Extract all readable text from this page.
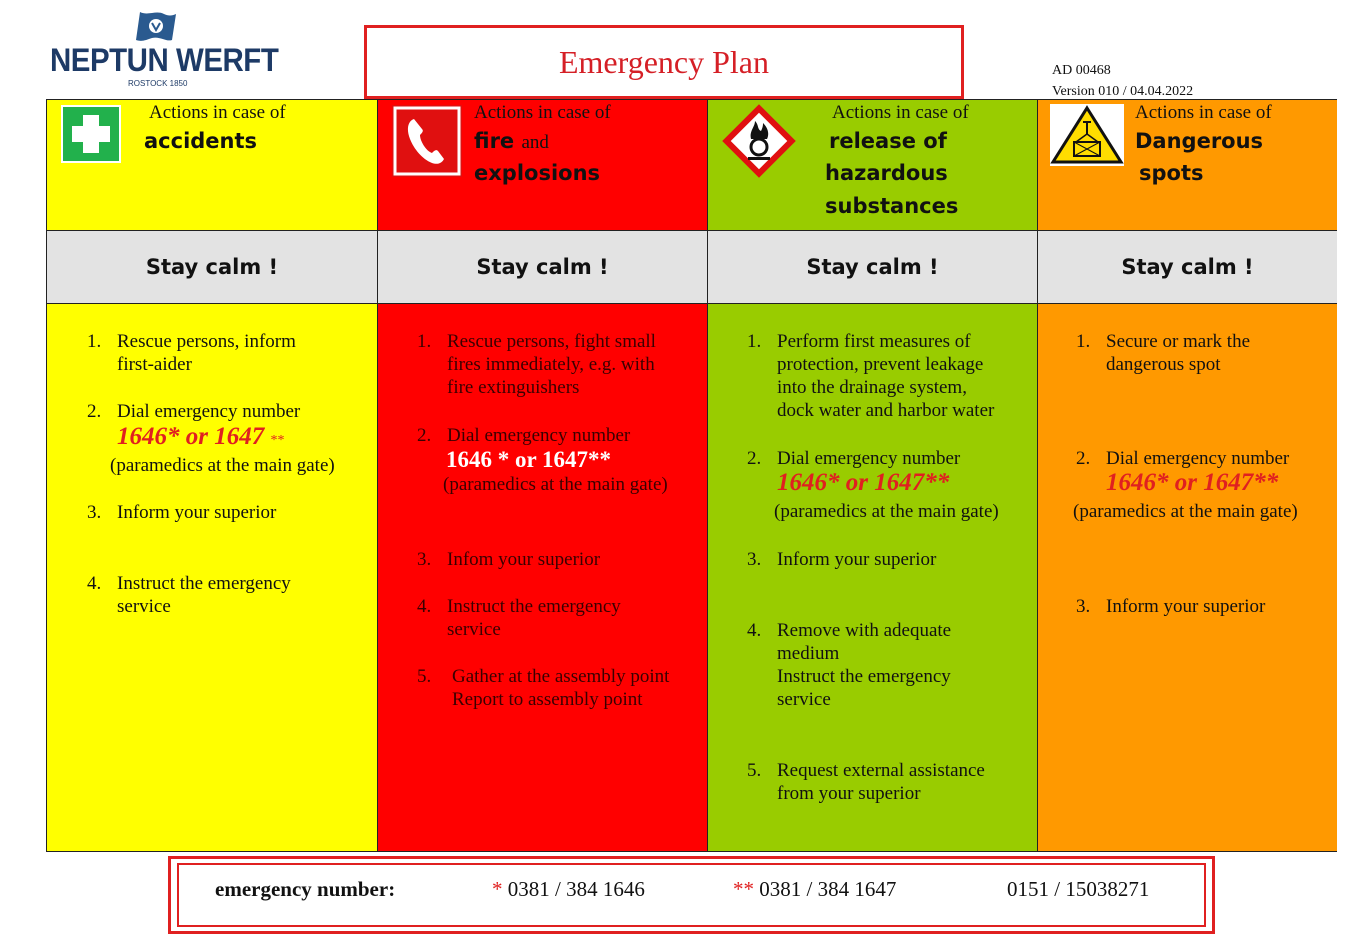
NEPTUN WERFT
ROSTOCK 1850
Emergency Plan	AD 00468
Version 010 / 04.04.2022
Actions in case of
accidents
Stay calm !
1. Rescue persons, inform
first-aider
2. Dial emergency number
1646* or 1647 **
(paramedics at the main gate)
3. Inform your superior
4. Instruct the emergency
service
Actions in case of
fire and
explosions
Stay calm !
1. Rescue persons, fight small
fires immediately, e.g. with
fire extinguishers
2. Dial emergency number
1646 * or 1647**
(paramedics at the main gate)
3. Infom your superior
4. Instruct the emergency
service
5. Gather at the assembly point
Report to assembly point
Actions in case of
release of
hazardous
substances
Stay calm !
1. Perform first measures of
protection, prevent leakage
into the drainage system,
dock water and harbor water
2. Dial emergency number
1646* or 1647**
(paramedics at the main gate)
3. Inform your superior
4. Remove with adequate
medium
Instruct the emergency
service
5. Request external assistance
from your superior
Actions in case of
Dangerous
spots
Stay calm !
1. Secure or mark the
dangerous spot
2. Dial emergency number
1646* or 1647**
(paramedics at the main gate)
3. Inform your superior
emergency number:	* 0381 / 384 1646	** 0381 / 384 1647	0151 / 15038271
